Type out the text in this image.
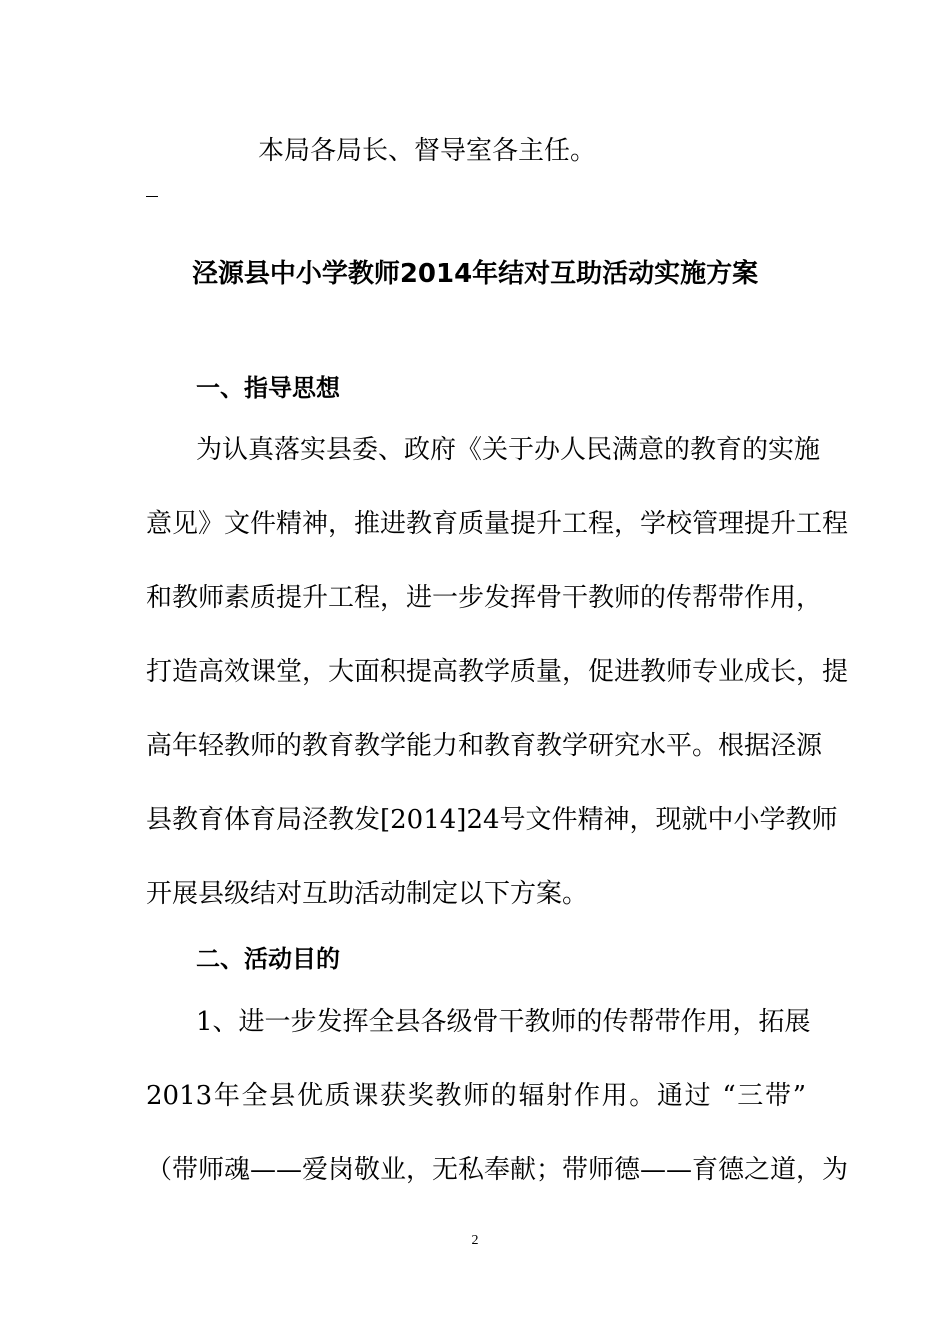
本局各局长、督导室各主任。
泾源县中小学教师2014年结对互助活动实施方案
一、指导思想
为认真落实县委、政府《关于办人民满意的教育的实施
意见》文件精神，推进教育质量提升工程，学校管理提升工程
和教师素质提升工程，进一步发挥骨干教师的传帮带作用，
打造高效课堂，大面积提高教学质量，促进教师专业成长，提
高年轻教师的教育教学能力和教育教学研究水平。根据泾源
县教育体育局泾教发[2014]24号文件精神，现就中小学教师
开展县级结对互助活动制定以下方案。
二、活动目的
1、进一步发挥全县各级骨干教师的传帮带作用，拓展
2013年全县优质课获奖教师的辐射作用。通过 “三带”
（带师魂——爱岗敬业，无私奉献；带师德——育德之道，为
2
